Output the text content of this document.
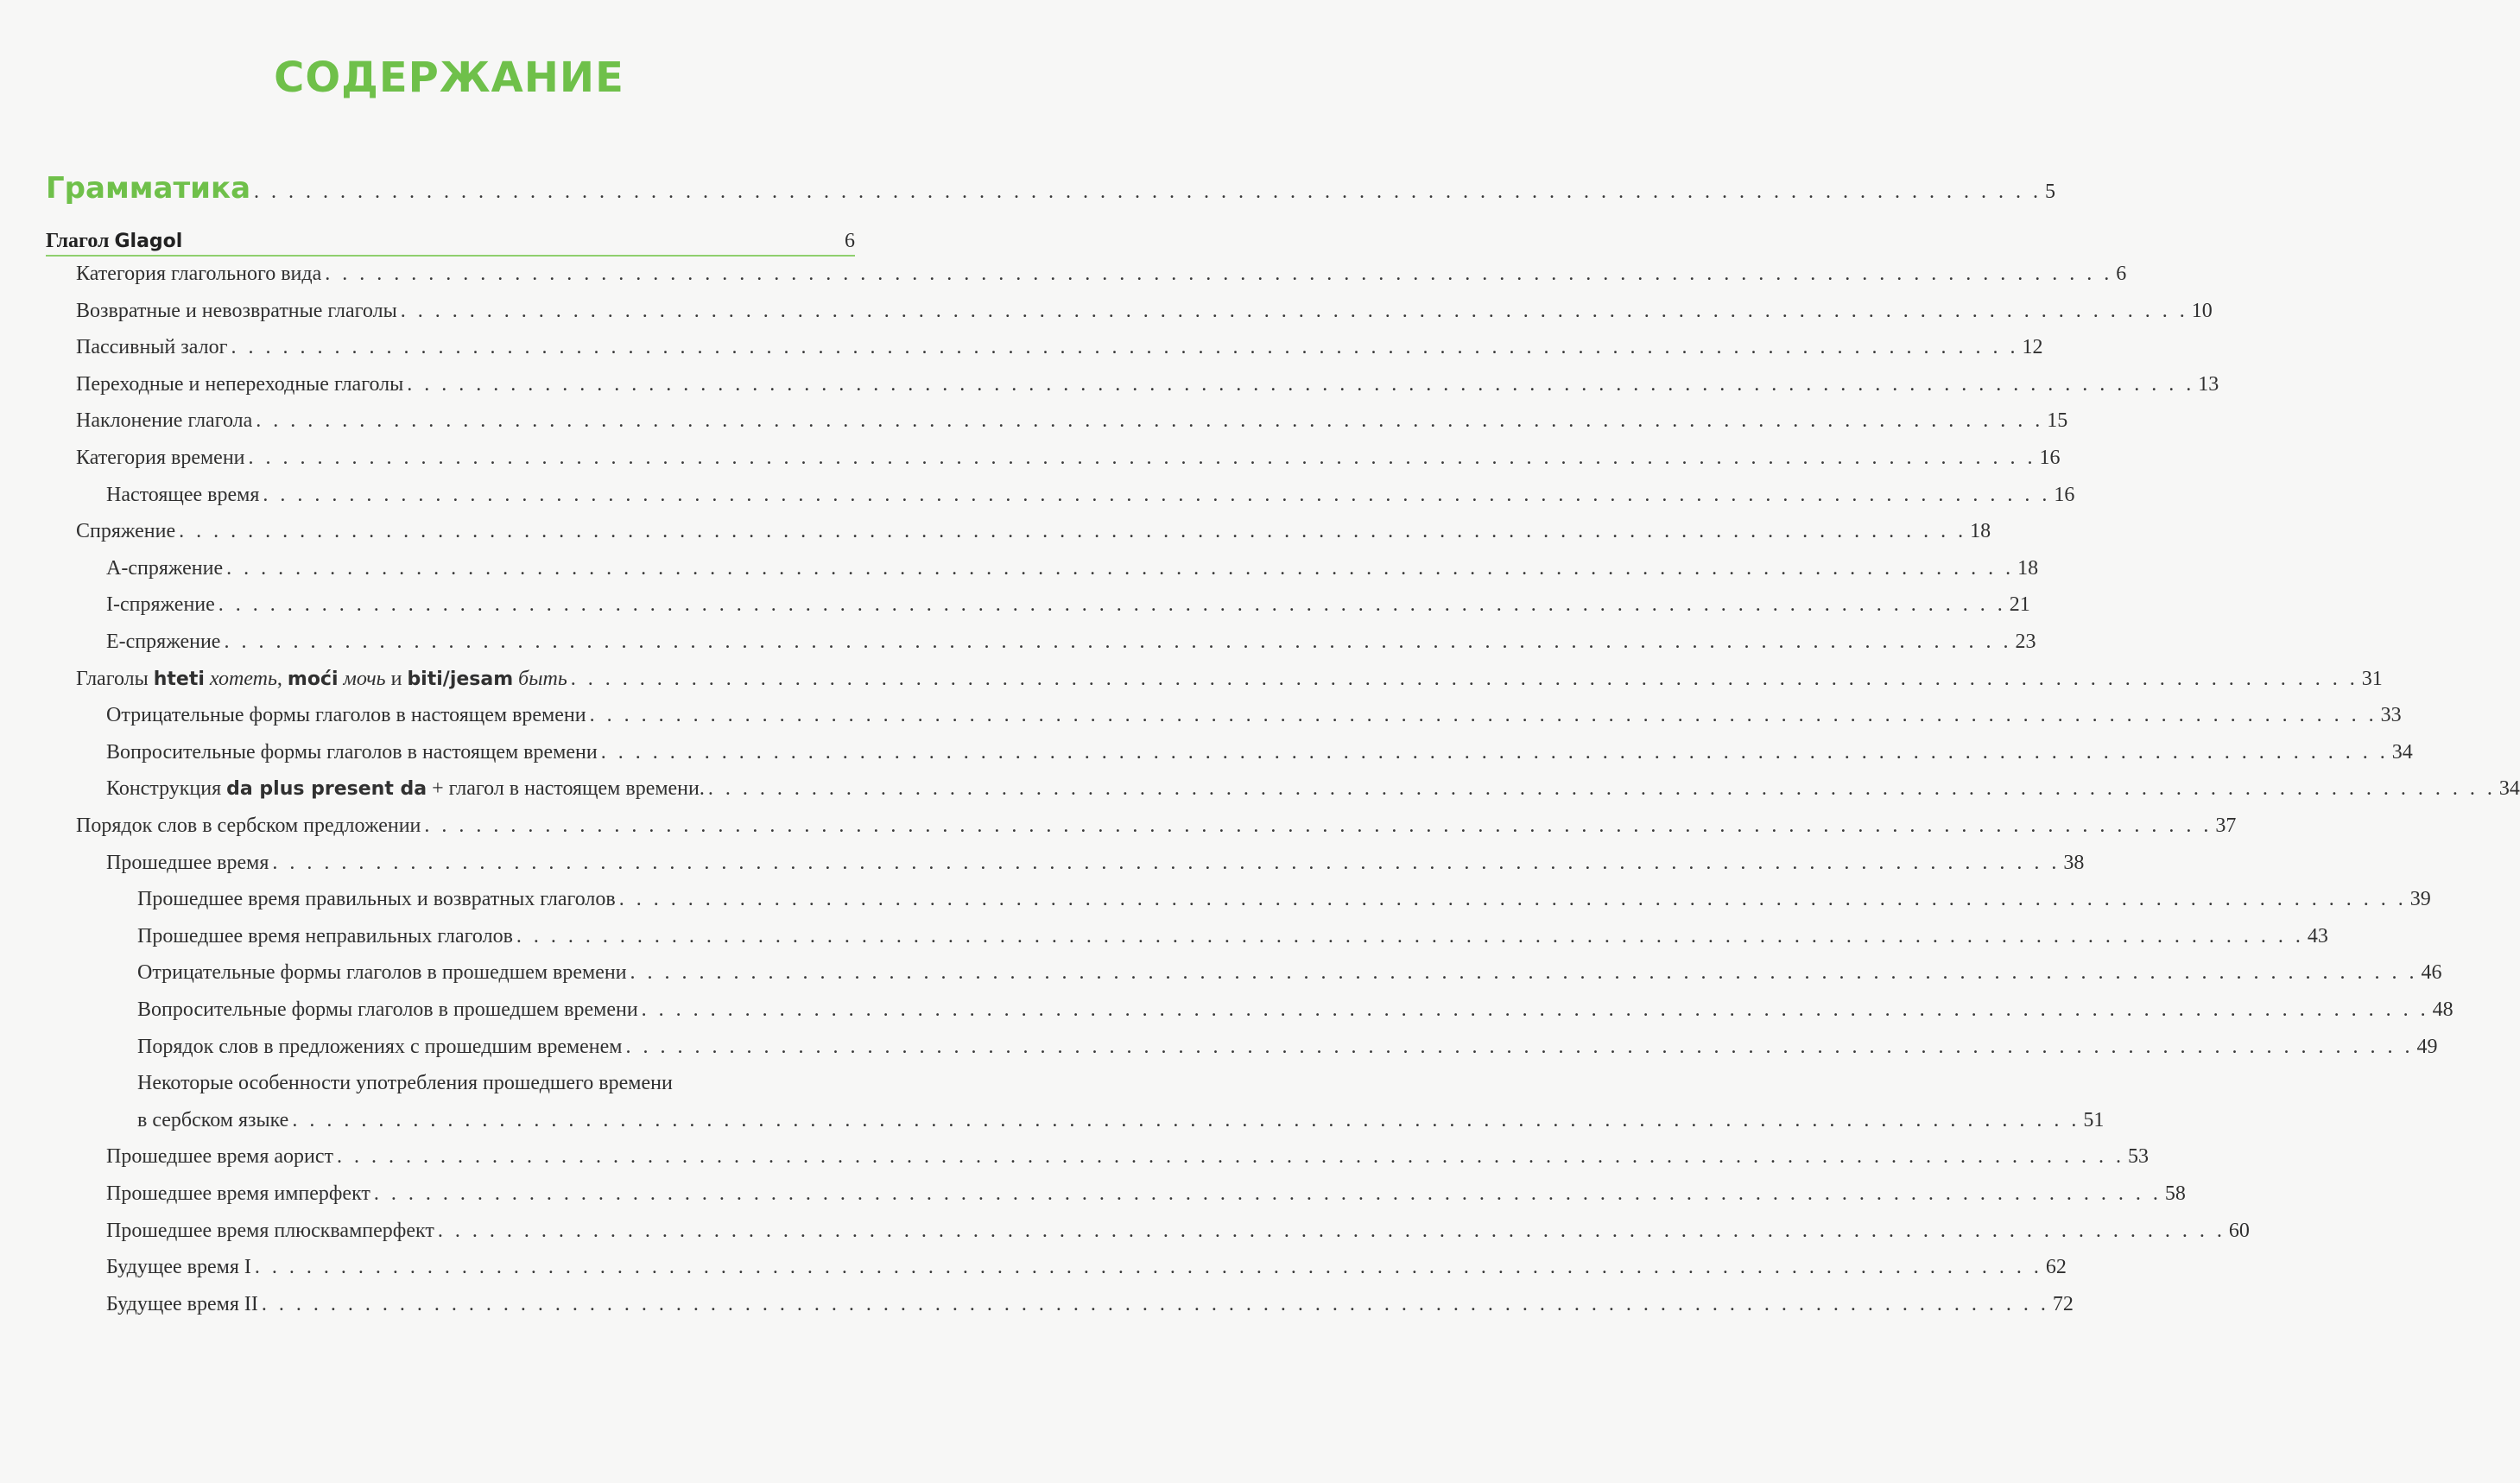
СОДЕРЖАНИЕ
Грамматика . . . . . . . . . . . . . . . . . . . . . . . . . . . . . . . . . . . . . . . . . . . . . . . . . . . . . . . . . . . . . . . . . . . . . . . . . . . . . . . . . . . . . . . . . . . . . . . . . . . . . . . . 5
Глагол Glagol	6
Категория глагольного вида . . . . . . . . . . . . . . . . . . . . . . . . . . . . . . . . . . . . . . . . . . . . . . . . . . . . . . . . . . . . . . . . . . . . . . . . . . . . . . . . . . . . . . . . . . . . . . . . . . . . . . . . 6
Возвратные и невозвратные глаголы . . . . . . . . . . . . . . . . . . . . . . . . . . . . . . . . . . . . . . . . . . . . . . . . . . . . . . . . . . . . . . . . . . . . . . . . . . . . . . . . . . . . . . . . . . . . . . . . . . . . . . . . 10
Пассивный залог . . . . . . . . . . . . . . . . . . . . . . . . . . . . . . . . . . . . . . . . . . . . . . . . . . . . . . . . . . . . . . . . . . . . . . . . . . . . . . . . . . . . . . . . . . . . . . . . . . . . . . . . 12
Переходные и непереходные глаголы . . . . . . . . . . . . . . . . . . . . . . . . . . . . . . . . . . . . . . . . . . . . . . . . . . . . . . . . . . . . . . . . . . . . . . . . . . . . . . . . . . . . . . . . . . . . . . . . . . . . . . . . 13
Наклонение глагола . . . . . . . . . . . . . . . . . . . . . . . . . . . . . . . . . . . . . . . . . . . . . . . . . . . . . . . . . . . . . . . . . . . . . . . . . . . . . . . . . . . . . . . . . . . . . . . . . . . . . . . . 15
Категория времени . . . . . . . . . . . . . . . . . . . . . . . . . . . . . . . . . . . . . . . . . . . . . . . . . . . . . . . . . . . . . . . . . . . . . . . . . . . . . . . . . . . . . . . . . . . . . . . . . . . . . . . . 16
Настоящее время . . . . . . . . . . . . . . . . . . . . . . . . . . . . . . . . . . . . . . . . . . . . . . . . . . . . . . . . . . . . . . . . . . . . . . . . . . . . . . . . . . . . . . . . . . . . . . . . . . . . . . . . 16
Спряжение . . . . . . . . . . . . . . . . . . . . . . . . . . . . . . . . . . . . . . . . . . . . . . . . . . . . . . . . . . . . . . . . . . . . . . . . . . . . . . . . . . . . . . . . . . . . . . . . . . . . . . . . 18
А-спряжение . . . . . . . . . . . . . . . . . . . . . . . . . . . . . . . . . . . . . . . . . . . . . . . . . . . . . . . . . . . . . . . . . . . . . . . . . . . . . . . . . . . . . . . . . . . . . . . . . . . . . . . . 18
I-спряжение . . . . . . . . . . . . . . . . . . . . . . . . . . . . . . . . . . . . . . . . . . . . . . . . . . . . . . . . . . . . . . . . . . . . . . . . . . . . . . . . . . . . . . . . . . . . . . . . . . . . . . . . 21
Е-спряжение . . . . . . . . . . . . . . . . . . . . . . . . . . . . . . . . . . . . . . . . . . . . . . . . . . . . . . . . . . . . . . . . . . . . . . . . . . . . . . . . . . . . . . . . . . . . . . . . . . . . . . . . 23
Глаголы hteti хотеть, moći мочь и biti/jesam быть . . . . . . . . . . . . . . . . . . . . . . . . . . . . . . . . . . . . . . . . . . . . . . . . . . . . . . . . . . . . . . . . . . . . . . . . . . . . . . . . . . . . . . . . . . . . . . . . . . . . . . . . 31
Отрицательные формы глаголов в настоящем времени . . . . . . . . . . . . . . . . . . . . . . . . . . . . . . . . . . . . . . . . . . . . . . . . . . . . . . . . . . . . . . . . . . . . . . . . . . . . . . . . . . . . . . . . . . . . . . . . . . . . . . . . 33
Вопросительные формы глаголов в настоящем времени . . . . . . . . . . . . . . . . . . . . . . . . . . . . . . . . . . . . . . . . . . . . . . . . . . . . . . . . . . . . . . . . . . . . . . . . . . . . . . . . . . . . . . . . . . . . . . . . . . . . . . . . 34
Конструкция da plus present da + глагол в настоящем времени. . . . . . . . . . . . . . . . . . . . . . . . . . . . . . . . . . . . . . . . . . . . . . . . . . . . . . . . . . . . . . . . . . . . . . . . . . . . . . . . . . . . . . . . . . . . . . . . . . . . . . . . . 34
Порядок слов в сербском предложении . . . . . . . . . . . . . . . . . . . . . . . . . . . . . . . . . . . . . . . . . . . . . . . . . . . . . . . . . . . . . . . . . . . . . . . . . . . . . . . . . . . . . . . . . . . . . . . . . . . . . . . . 37
Прошедшее время . . . . . . . . . . . . . . . . . . . . . . . . . . . . . . . . . . . . . . . . . . . . . . . . . . . . . . . . . . . . . . . . . . . . . . . . . . . . . . . . . . . . . . . . . . . . . . . . . . . . . . . . 38
Прошедшее время правильных и возвратных глаголов . . . . . . . . . . . . . . . . . . . . . . . . . . . . . . . . . . . . . . . . . . . . . . . . . . . . . . . . . . . . . . . . . . . . . . . . . . . . . . . . . . . . . . . . . . . . . . . . . . . . . . . . 39
Прошедшее время неправильных глаголов . . . . . . . . . . . . . . . . . . . . . . . . . . . . . . . . . . . . . . . . . . . . . . . . . . . . . . . . . . . . . . . . . . . . . . . . . . . . . . . . . . . . . . . . . . . . . . . . . . . . . . . . 43
Отрицательные формы глаголов в прошедшем времени . . . . . . . . . . . . . . . . . . . . . . . . . . . . . . . . . . . . . . . . . . . . . . . . . . . . . . . . . . . . . . . . . . . . . . . . . . . . . . . . . . . . . . . . . . . . . . . . . . . . . . . . 46
Вопросительные формы глаголов в прошедшем времени . . . . . . . . . . . . . . . . . . . . . . . . . . . . . . . . . . . . . . . . . . . . . . . . . . . . . . . . . . . . . . . . . . . . . . . . . . . . . . . . . . . . . . . . . . . . . . . . . . . . . . . . 48
Порядок слов в предложениях с прошедшим временем . . . . . . . . . . . . . . . . . . . . . . . . . . . . . . . . . . . . . . . . . . . . . . . . . . . . . . . . . . . . . . . . . . . . . . . . . . . . . . . . . . . . . . . . . . . . . . . . . . . . . . . . 49
Некоторые особенности употребления прошедшего времени
в сербском языке . . . . . . . . . . . . . . . . . . . . . . . . . . . . . . . . . . . . . . . . . . . . . . . . . . . . . . . . . . . . . . . . . . . . . . . . . . . . . . . . . . . . . . . . . . . . . . . . . . . . . . . . 51
Прошедшее время аорист . . . . . . . . . . . . . . . . . . . . . . . . . . . . . . . . . . . . . . . . . . . . . . . . . . . . . . . . . . . . . . . . . . . . . . . . . . . . . . . . . . . . . . . . . . . . . . . . . . . . . . . . 53
Прошедшее время имперфект . . . . . . . . . . . . . . . . . . . . . . . . . . . . . . . . . . . . . . . . . . . . . . . . . . . . . . . . . . . . . . . . . . . . . . . . . . . . . . . . . . . . . . . . . . . . . . . . . . . . . . . . 58
Прошедшее время плюсквамперфект . . . . . . . . . . . . . . . . . . . . . . . . . . . . . . . . . . . . . . . . . . . . . . . . . . . . . . . . . . . . . . . . . . . . . . . . . . . . . . . . . . . . . . . . . . . . . . . . . . . . . . . . 60
Будущее время I . . . . . . . . . . . . . . . . . . . . . . . . . . . . . . . . . . . . . . . . . . . . . . . . . . . . . . . . . . . . . . . . . . . . . . . . . . . . . . . . . . . . . . . . . . . . . . . . . . . . . . . . 62
Будущее время II . . . . . . . . . . . . . . . . . . . . . . . . . . . . . . . . . . . . . . . . . . . . . . . . . . . . . . . . . . . . . . . . . . . . . . . . . . . . . . . . . . . . . . . . . . . . . . . . . . . . . . . . 72
